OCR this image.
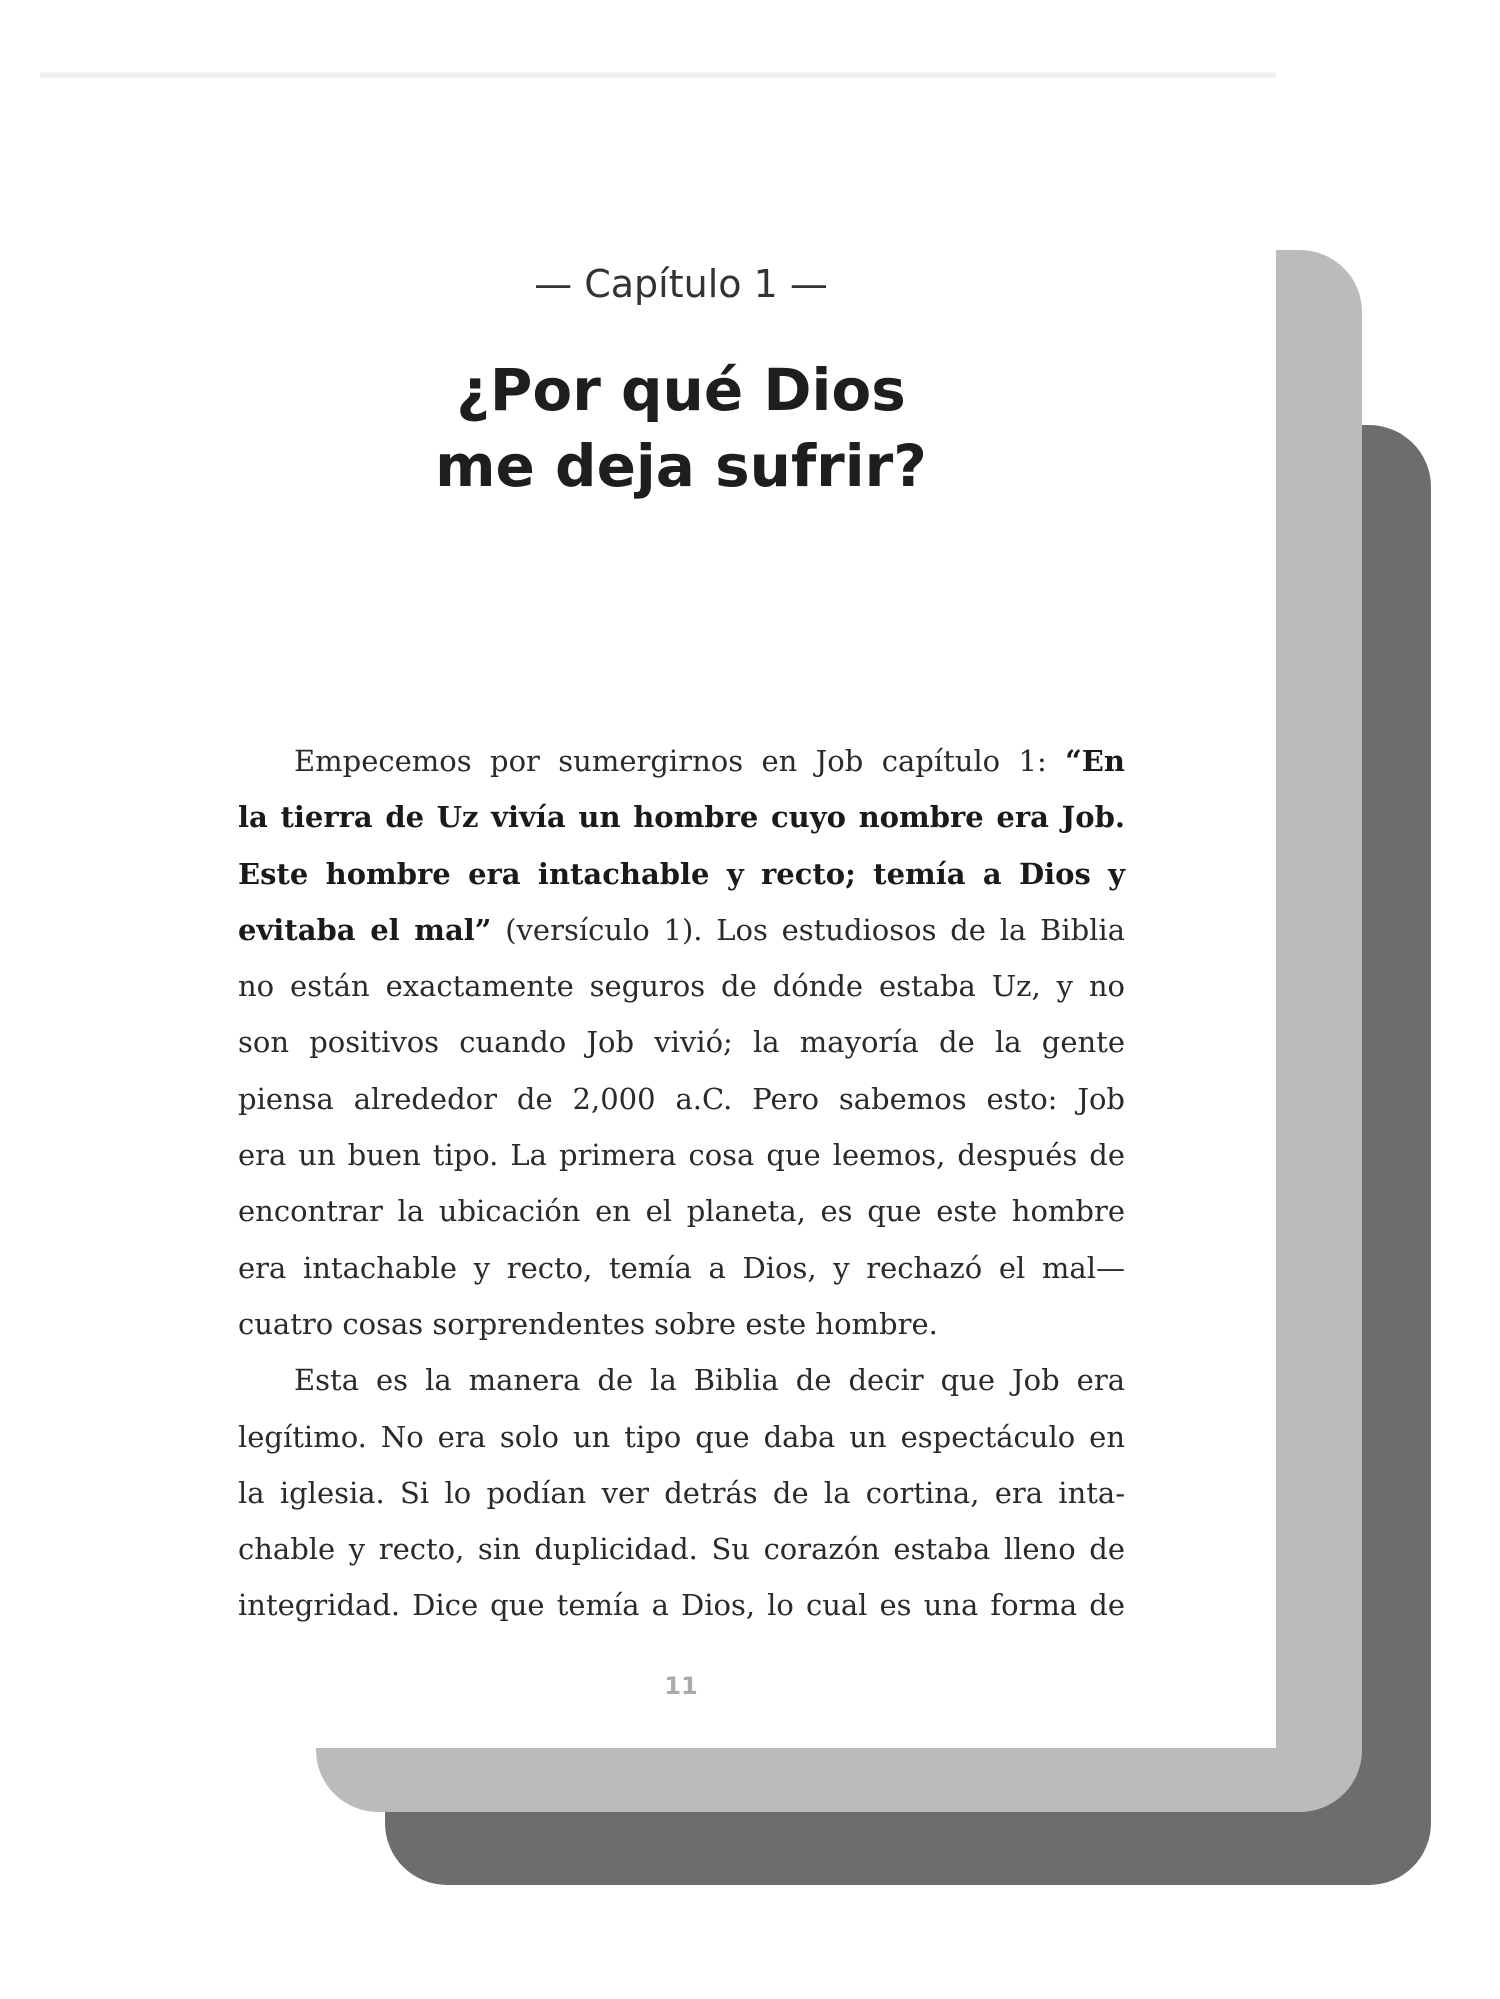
— Capítulo 1 —
¿Por qué Dios
me deja sufrir?
Empecemos por sumergirnos en Job capítulo 1: “En
la tierra de Uz vivía un hombre cuyo nombre era Job.
Este hombre era intachable y recto; temía a Dios y
evitaba el mal” (versículo 1). Los estudiosos de la Biblia
no están exactamente seguros de dónde estaba Uz, y no
son positivos cuando Job vivió; la mayoría de la gente
piensa alrededor de 2,000 a.C. Pero sabemos esto: Job
era un buen tipo. La primera cosa que leemos, después de
encontrar la ubicación en el planeta, es que este hombre
era intachable y recto, temía a Dios, y rechazó el mal—
cuatro cosas sorprendentes sobre este hombre.
Esta es la manera de la Biblia de decir que Job era
legítimo. No era solo un tipo que daba un espectáculo en
la iglesia. Si lo podían ver detrás de la cortina, era inta-
chable y recto, sin duplicidad. Su corazón estaba lleno de
integridad. Dice que temía a Dios, lo cual es una forma de
11
